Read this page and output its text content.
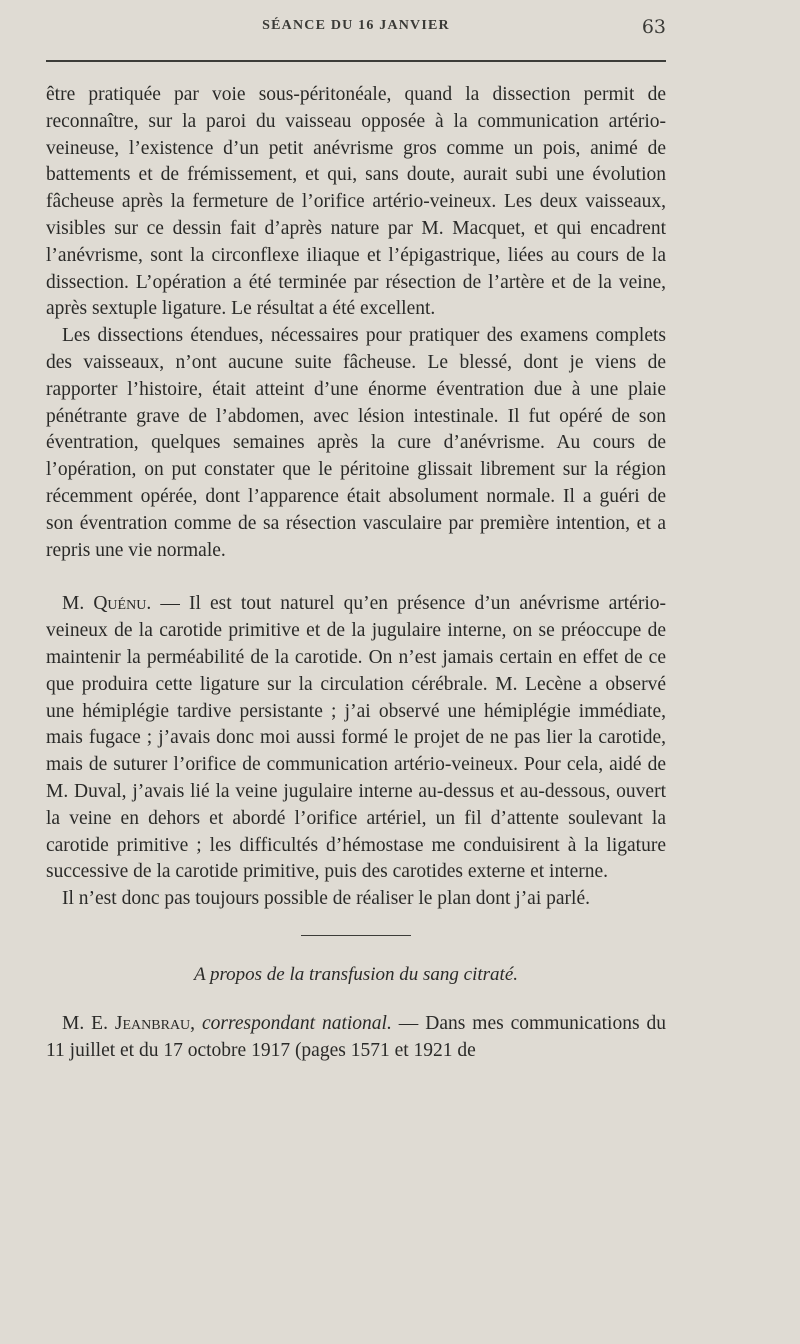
SÉANCE DU 16 JANVIER	63

être pratiquée par voie sous-péritonéale, quand la dissection permit de reconnaître, sur la paroi du vaisseau opposée à la communication artério-veineuse, l’existence d’un petit anévrisme gros comme un pois, animé de battements et de frémissement, et qui, sans doute, aurait subi une évolution fâcheuse après la fermeture de l’orifice artério-veineux. Les deux vaisseaux, visibles sur ce dessin fait d’après nature par M. Macquet, et qui encadrent l’anévrisme, sont la circonflexe iliaque et l’épigastrique, liées au cours de la dissection. L’opération a été terminée par résection de l’artère et de la veine, après sextuple ligature. Le résultat a été excellent.

Les dissections étendues, nécessaires pour pratiquer des examens complets des vaisseaux, n’ont aucune suite fâcheuse. Le blessé, dont je viens de rapporter l’histoire, était atteint d’une énorme éventration due à une plaie pénétrante grave de l’abdomen, avec lésion intestinale. Il fut opéré de son éventration, quelques semaines après la cure d’anévrisme. Au cours de l’opération, on put constater que le péritoine glissait librement sur la région récemment opérée, dont l’apparence était absolument normale. Il a guéri de son éventration comme de sa résection vasculaire par première intention, et a repris une vie normale.

M. Quénu. — Il est tout naturel qu’en présence d’un anévrisme artério-veineux de la carotide primitive et de la jugulaire interne, on se préoccupe de maintenir la perméabilité de la carotide. On n’est jamais certain en effet de ce que produira cette ligature sur la circulation cérébrale. M. Lecène a observé une hémiplégie tardive persistante ; j’ai observé une hémiplégie immédiate, mais fugace ; j’avais donc moi aussi formé le projet de ne pas lier la carotide, mais de suturer l’orifice de communication artério-veineux. Pour cela, aidé de M. Duval, j’avais lié la veine jugulaire interne au-dessus et au-dessous, ouvert la veine en dehors et abordé l’orifice artériel, un fil d’attente soulevant la carotide primitive ; les difficultés d’hémostase me conduisirent à la ligature successive de la carotide primitive, puis des carotides externe et interne.

Il n’est donc pas toujours possible de réaliser le plan dont j’ai parlé.

A propos de la transfusion du sang citraté.

M. E. Jeanbrau, correspondant national. — Dans mes communications du 11 juillet et du 17 octobre 1917 (pages 1571 et 1921 de
